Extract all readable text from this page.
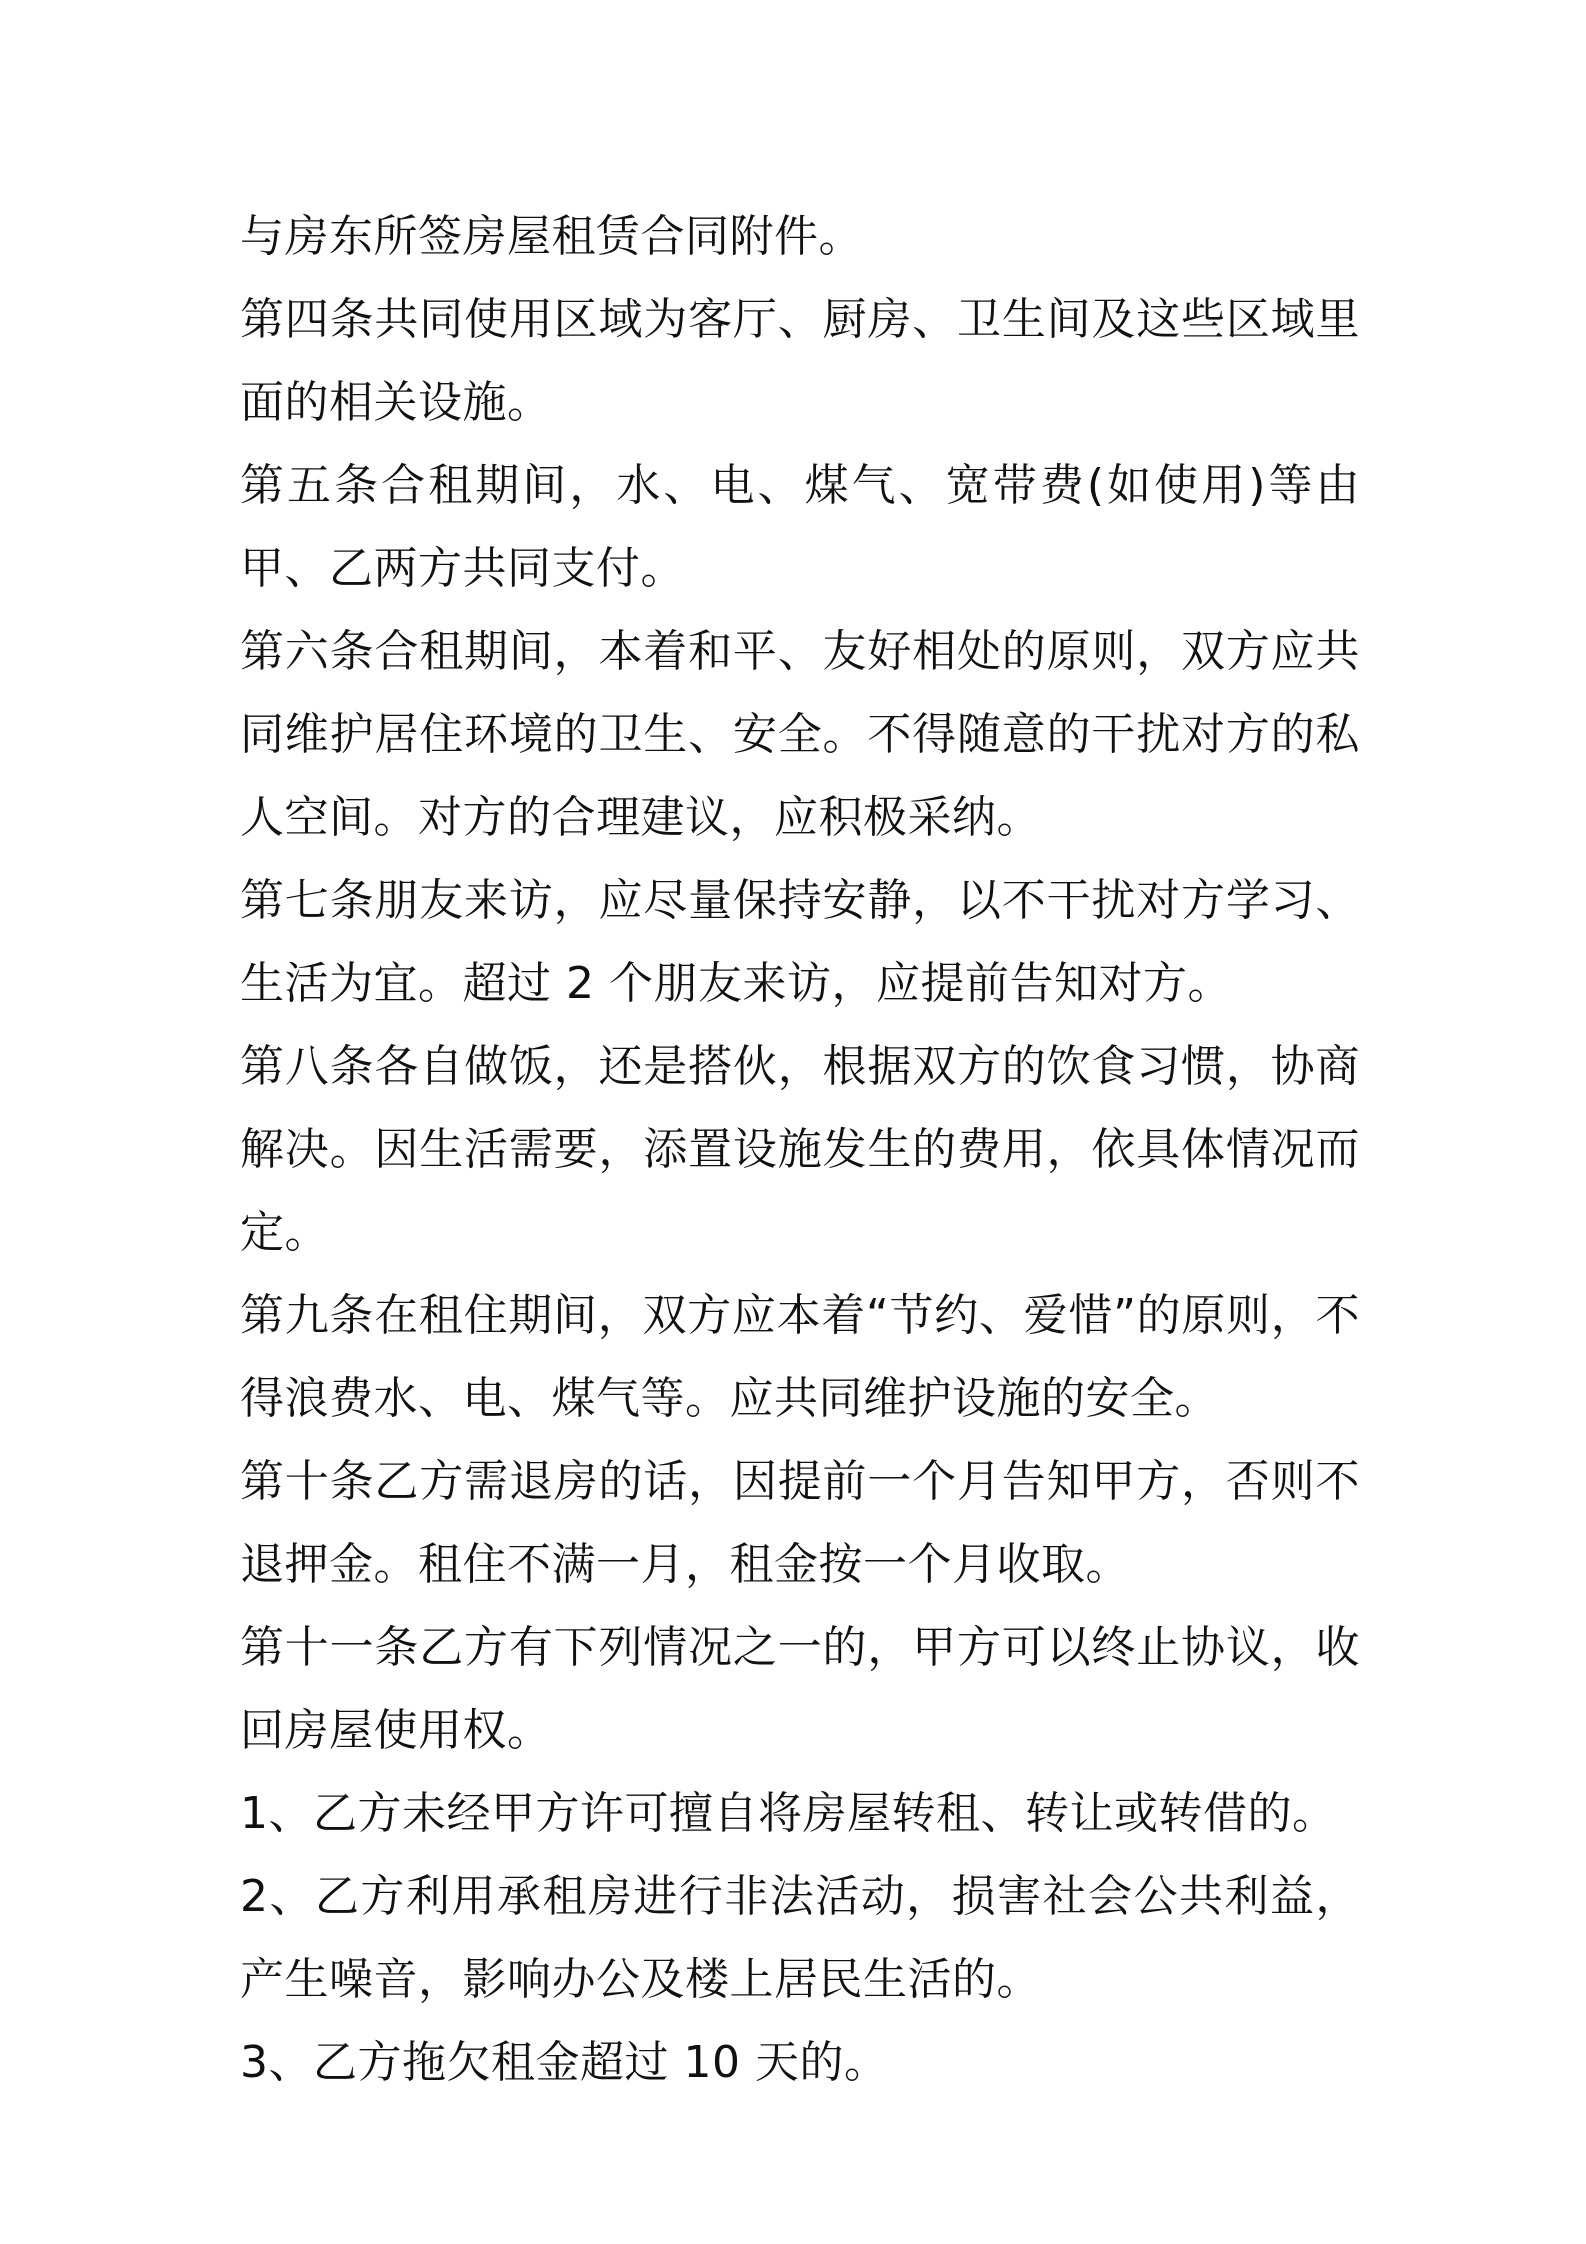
与房东所签房屋租赁合同附件。

第四条共同使用区域为客厅、厨房、卫生间及这些区域里面的相关设施。

第五条合租期间，水、电、煤气、宽带费(如使用)等由甲、乙两方共同支付。

第六条合租期间，本着和平、友好相处的原则，双方应共同维护居住环境的卫生、安全。不得随意的干扰对方的私人空间。对方的合理建议，应积极采纳。

第七条朋友来访，应尽量保持安静，以不干扰对方学习、生活为宜。超过 2 个朋友来访，应提前告知对方。

第八条各自做饭，还是搭伙，根据双方的饮食习惯，协商解决。因生活需要，添置设施发生的费用，依具体情况而定。

第九条在租住期间，双方应本着“节约、爱惜”的原则，不得浪费水、电、煤气等。应共同维护设施的安全。

第十条乙方需退房的话，因提前一个月告知甲方，否则不退押金。租住不满一月，租金按一个月收取。

第十一条乙方有下列情况之一的，甲方可以终止协议，收回房屋使用权。

1、乙方未经甲方许可擅自将房屋转租、转让或转借的。

2、乙方利用承租房进行非法活动，损害社会公共利益，产生噪音，影响办公及楼上居民生活的。

3、乙方拖欠租金超过 10 天的。
